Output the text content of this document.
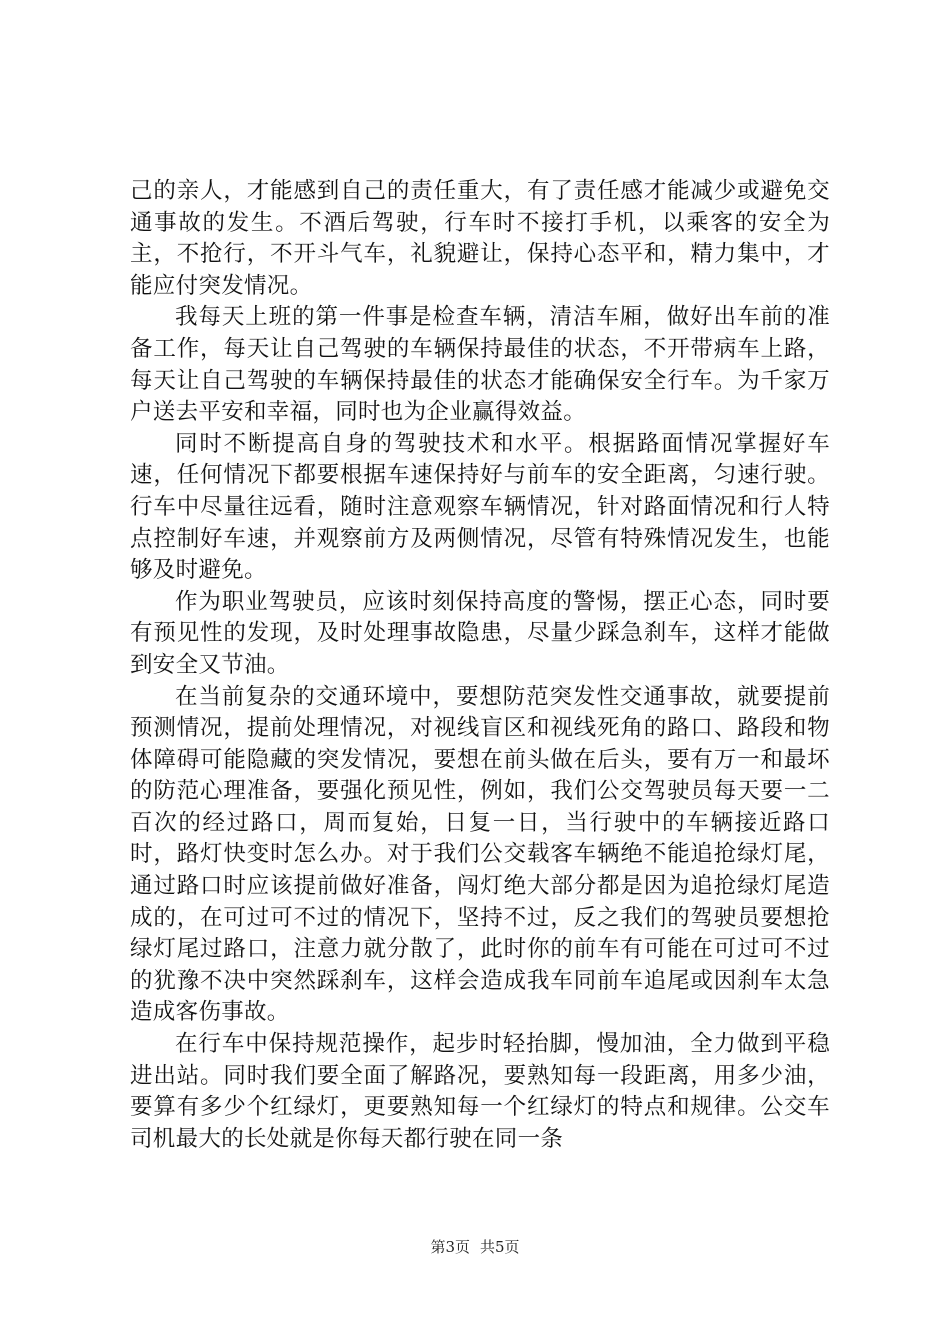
己的亲人，才能感到自己的责任重大，有了责任感才能减少或避免交通事故的发生。不酒后驾驶，行车时不接打手机，以乘客的安全为主，不抢行，不开斗气车，礼貌避让，保持心态平和，精力集中，才能应付突发情况。

我每天上班的第一件事是检查车辆，清洁车厢，做好出车前的准备工作，每天让自己驾驶的车辆保持最佳的状态，不开带病车上路，每天让自己驾驶的车辆保持最佳的状态才能确保安全行车。为千家万户送去平安和幸福，同时也为企业赢得效益。

同时不断提高自身的驾驶技术和水平。根据路面情况掌握好车速，任何情况下都要根据车速保持好与前车的安全距离，匀速行驶。行车中尽量往远看，随时注意观察车辆情况，针对路面情况和行人特点控制好车速，并观察前方及两侧情况，尽管有特殊情况发生，也能够及时避免。

作为职业驾驶员，应该时刻保持高度的警惕，摆正心态，同时要有预见性的发现，及时处理事故隐患，尽量少踩急刹车，这样才能做到安全又节油。

在当前复杂的交通环境中，要想防范突发性交通事故，就要提前预测情况，提前处理情况，对视线盲区和视线死角的路口、路段和物体障碍可能隐藏的突发情况，要想在前头做在后头，要有万一和最坏的防范心理准备，要强化预见性，例如，我们公交驾驶员每天要一二百次的经过路口，周而复始，日复一日，当行驶中的车辆接近路口时，路灯快变时怎么办。对于我们公交载客车辆绝不能追抢绿灯尾，通过路口时应该提前做好准备，闯灯绝大部分都是因为追抢绿灯尾造成的，在可过可不过的情况下，坚持不过，反之我们的驾驶员要想抢绿灯尾过路口，注意力就分散了，此时你的前车有可能在可过可不过的犹豫不决中突然踩刹车，这样会造成我车同前车追尾或因刹车太急造成客伤事故。

在行车中保持规范操作，起步时轻抬脚，慢加油，全力做到平稳进出站。同时我们要全面了解路况，要熟知每一段距离，用多少油，要算有多少个红绿灯，更要熟知每一个红绿灯的特点和规律。公交车司机最大的长处就是你每天都行驶在同一条

第3页 共5页
